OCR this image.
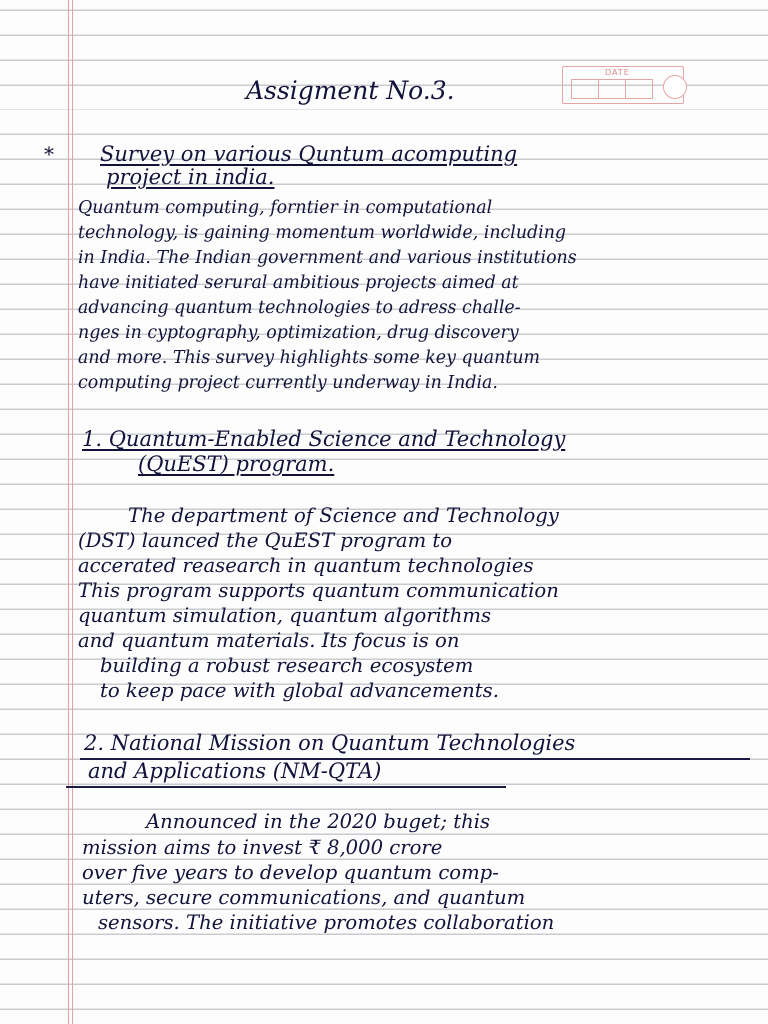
DATE
Assigment No.3.
* Survey on various Quntum acomputing
project in india.
Quantum computing, forntier in computational
technology, is gaining momentum worldwide, including
in India. The Indian government and various institutions
have initiated serural ambitious projects aimed at
advancing quantum technologies to adress challe-
nges in cyptography, optimization, drug discovery
and more. This survey highlights some key quantum
computing project currently underway in India.
1. Quantum-Enabled Science and Technology
(QuEST) program.
The department of Science and Technology
(DST) launced the QuEST program to
accerated reasearch in quantum technologies
This program supports quantum communication
quantum simulation, quantum algorithms
and quantum materials. Its focus is on
building a robust research ecosystem
to keep pace with global advancements.
2. National Mission on Quantum Technologies
and Applications (NM-QTA)
Announced in the 2020 buget; this
mission aims to invest ₹ 8,000 crore
over five years to develop quantum comp-
uters, secure communications, and quantum
sensors. The initiative promotes collaboration
